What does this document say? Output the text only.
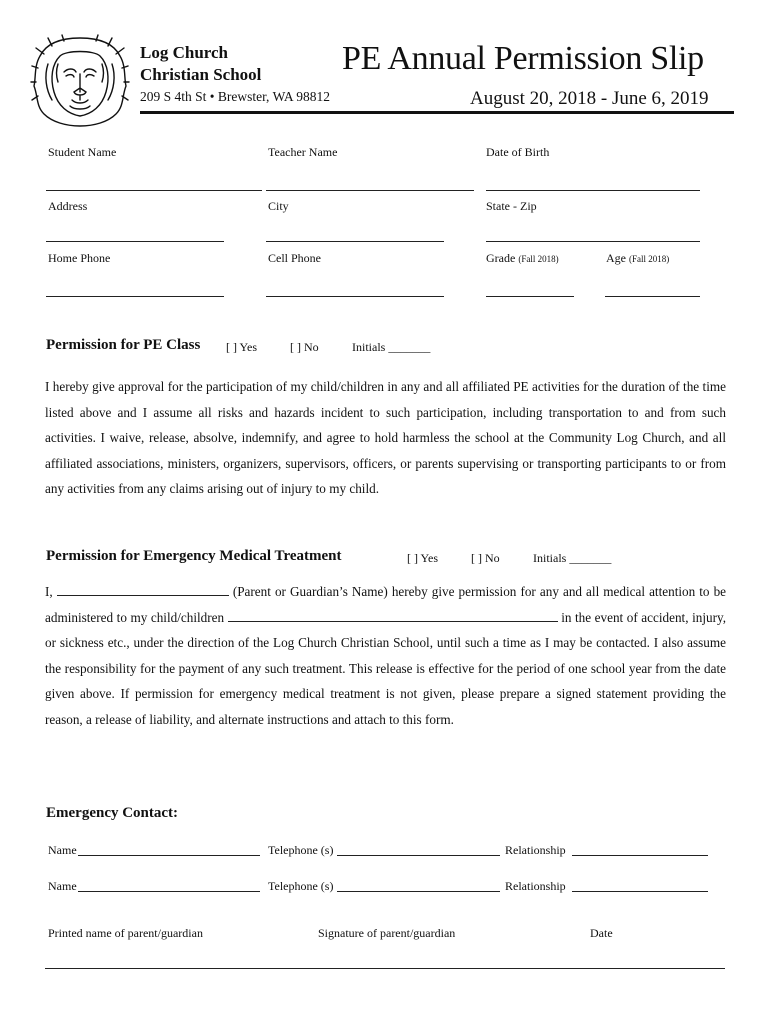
Log Church
Christian School
209 S 4th St • Brewster, WA 98812
PE Annual Permission Slip
August 20, 2018 - June 6, 2019
Student Name	Teacher Name	Date of Birth
Address	City	State - Zip
Home Phone	Cell Phone	Grade (Fall 2018)	Age (Fall 2018)
Permission for PE Class [ ] Yes	[ ] No	Initials _______

I hereby give approval for the participation of my child/children in any and all affiliated PE activities for the duration of the time listed above and I assume all risks and hazards incident to such participation, including transportation to and from such activities. I waive, release, absolve, indemnify, and agree to hold harmless the school at the Community Log Church, and all affiliated associations, ministers, organizers, supervisors, officers, or parents supervising or transporting participants to or from any activities from any claims arising out of injury to my child.

Permission for Emergency Medical Treatment	[ ] Yes	[ ] No	Initials _______

I,	(Parent or Guardian’s Name) hereby give permission for any and all medical attention to be administered to my child/children	in the event of accident, injury, or sickness etc., under the direction of the Log Church Christian School, until such a time as I may be contacted. I also assume the responsibility for the payment of any such treatment. This release is effective for the period of one school year from the date given above. If permission for emergency medical treatment is not given, please prepare a signed statement providing the reason, a release of liability, and alternate instructions and attach to this form.

Emergency Contact:
Name	Telephone (s)	Relationship
Name	Telephone (s)	Relationship
Printed name of parent/guardian	Signature of parent/guardian	Date
